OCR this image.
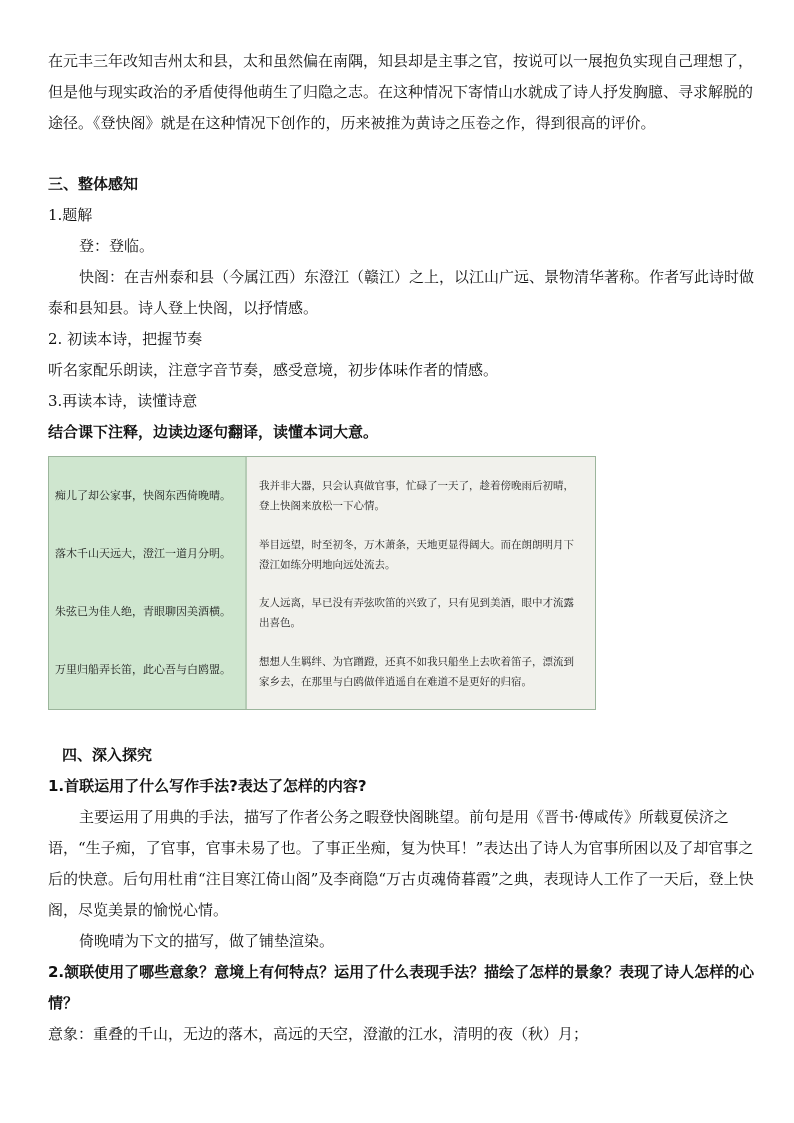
在元丰三年改知吉州太和县，太和虽然偏在南隅，知县却是主事之官，按说可以一展抱负实现自己理想了，但是他与现实政治的矛盾使得他萌生了归隐之志。在这种情况下寄情山水就成了诗人抒发胸臆、寻求解脱的途径。《登快阁》就是在这种情况下创作的，历来被推为黄诗之压卷之作，得到很高的评价。

三、整体感知

1.题解

登：登临。

快阁：在吉州泰和县（今属江西）东澄江（赣江）之上，以江山广远、景物清华著称。作者写此诗时做泰和县知县。诗人登上快阁，以抒情感。

2. 初读本诗，把握节奏

听名家配乐朗读，注意字音节奏，感受意境，初步体味作者的情感。

3.再读本诗，读懂诗意

结合课下注释，边读边逐句翻译，读懂本词大意。

痴儿了却公家事，快阁东西倚晚晴。
落木千山天远大，澄江一道月分明。
朱弦已为佳人绝，青眼聊因美酒横。
万里归船弄长笛，此心吾与白鸥盟。
我并非大器，只会认真做官事，忙碌了一天了，趁着傍晚雨后初晴，登上快阁来放松一下心情。
举目远望，时至初冬，万木萧条，天地更显得阔大。而在朗朗明月下澄江如练分明地向远处流去。
友人远离，早已没有弄弦吹笛的兴致了，只有见到美酒，眼中才流露出喜色。
想想人生羁绊、为官蹭蹬，还真不如我只船坐上去吹着笛子，漂流到家乡去，在那里与白鸥做伴逍遥自在难道不是更好的归宿。

四、深入探究

1.首联运用了什么写作手法?表达了怎样的内容?

主要运用了用典的手法，描写了作者公务之暇登快阁眺望。前句是用《晋书·傅咸传》所载夏侯济之语，“生子痴，了官事，官事未易了也。了事正坐痴，复为快耳！”表达出了诗人为官事所困以及了却官事之后的快意。后句用杜甫“注目寒江倚山阁”及李商隐“万古贞魂倚暮霞”之典，表现诗人工作了一天后，登上快阁，尽览美景的愉悦心情。

倚晚晴为下文的描写，做了铺垫渲染。

2.颔联使用了哪些意象？意境上有何特点？运用了什么表现手法？描绘了怎样的景象？表现了诗人怎样的心情？

意象：重叠的千山，无边的落木，高远的天空，澄澈的江水，清明的夜（秋）月；
